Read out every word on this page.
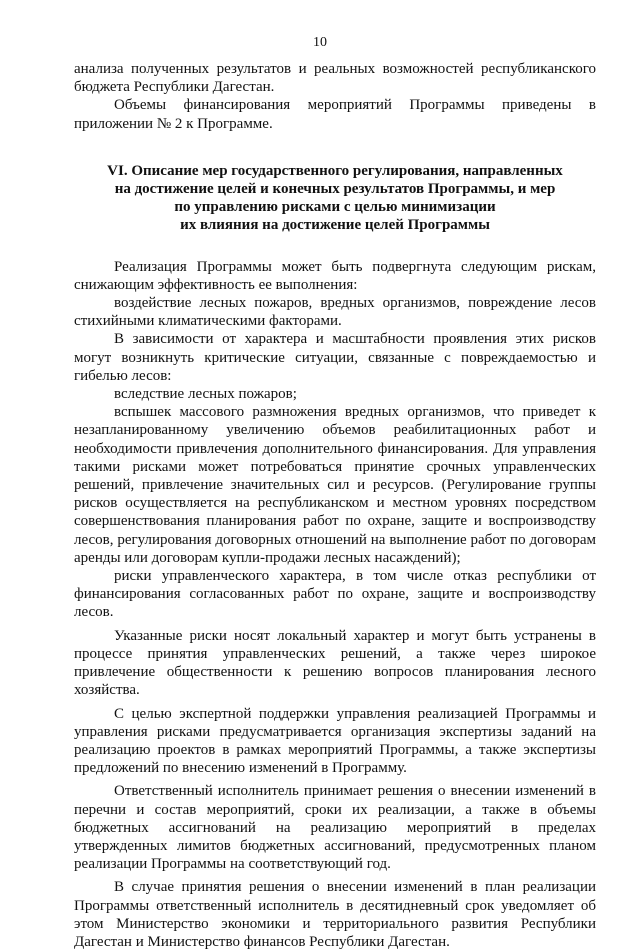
10

анализа полученных результатов и реальных возможностей республиканского бюджета Республики Дагестан.

Объемы финансирования мероприятий Программы приведены в приложении № 2 к Программе.

VI. Описание мер государственного регулирования, направленных
на достижение целей и конечных результатов Программы, и мер
по управлению рисками с целью минимизации
их влияния на достижение целей Программы

Реализация Программы может быть подвергнута следующим рискам, снижающим эффективность ее выполнения:

воздействие лесных пожаров, вредных организмов, повреждение лесов стихийными климатическими факторами.

В зависимости от характера и масштабности проявления этих рисков могут возникнуть критические ситуации, связанные с повреждаемостью и гибелью лесов:

вследствие лесных пожаров;

вспышек массового размножения вредных организмов, что приведет к незапланированному увеличению объемов реабилитационных работ и необходимости привлечения дополнительного финансирования. Для управления такими рисками может потребоваться принятие срочных управленческих решений, привлечение значительных сил и ресурсов. (Регулирование группы рисков осуществляется на республиканском и местном уровнях посредством совершенствования планирования работ по охране, защите и воспроизводству лесов, регулирования договорных отношений на выполнение работ по договорам аренды или договорам купли-продажи лесных насаждений);

риски управленческого характера, в том числе отказ республики от финансирования согласованных работ по охране, защите и воспроизводству лесов.

Указанные риски носят локальный характер и могут быть устранены в процессе принятия управленческих решений, а также через широкое привлечение общественности к решению вопросов планирования лесного хозяйства.

С целью экспертной поддержки управления реализацией Программы и управления рисками предусматривается организация экспертизы заданий на реализацию проектов в рамках мероприятий Программы, а также экспертизы предложений по внесению изменений в Программу.

Ответственный исполнитель принимает решения о внесении изменений в перечни и состав мероприятий, сроки их реализации, а также в объемы бюджетных ассигнований на реализацию мероприятий в пределах утвержденных лимитов бюджетных ассигнований, предусмотренных планом реализации Программы на соответствующий год.

В случае принятия решения о внесении изменений в план реализации Программы ответственный исполнитель в десятидневный срок уведомляет об этом Министерство экономики и территориального развития Республики Дагестан и Министерство финансов Республики Дагестан.
